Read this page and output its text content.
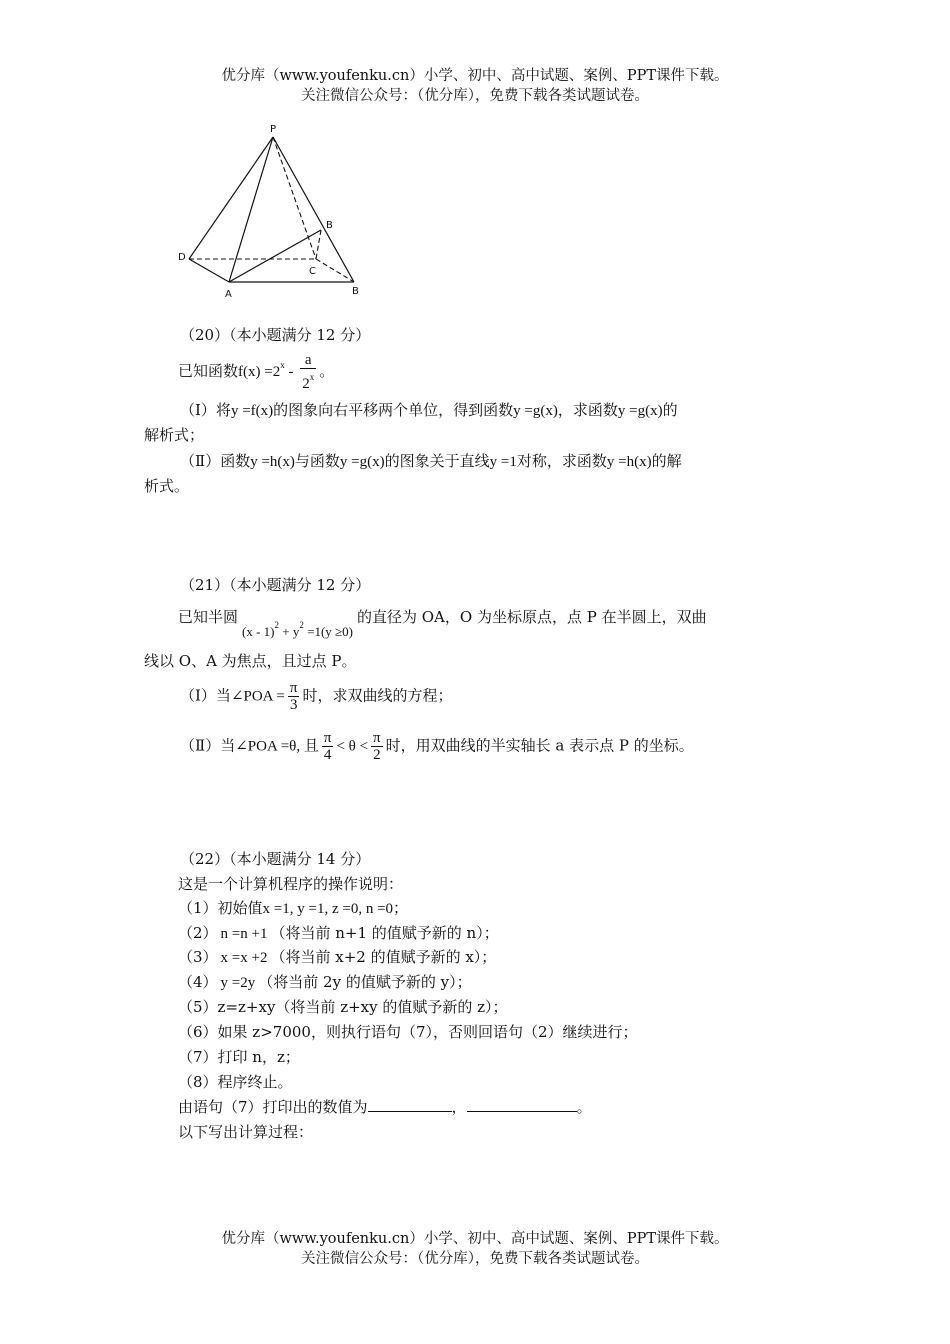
优分库（www.youfenku.cn）小学、初中、高中试题、案例、PPT课件下载。
关注微信公众号：（优分库），免费下载各类试题试卷。
P
B
D
C
A	B
（20）（本小题满分 12 分）
已知函数$f(x) =2^x - \frac{a}{2^x}$ 。
（Ⅰ）将y =f(x)的图象向右平移两个单位，得到函数y =g(x)，求函数y =g(x)的
解析式；
（Ⅱ）函数y =h(x)与函数y =g(x)的图象关于直线y =1对称，求函数y =h(x)的解
析式。
（21）（本小题满分 12 分）
已知半圆$(x - 1)^2 + y^2 =1(y \ge 0)$的直径为 OA，O 为坐标原点，点 P 在半圆上，双曲
线以 O、A 为焦点，且过点 P。
（Ⅰ）当∠POA = $\frac{\pi}{3}$ 时，求双曲线的方程；
（Ⅱ）当∠POA =θ, 且 $\frac{\pi}{4} < \theta < \frac{\pi}{2}$ 时，用双曲线的半实轴长 a 表示点 P 的坐标。
（22）（本小题满分 14 分）
这是一个计算机程序的操作说明：
（1）初始值x =1, y =1, z =0, n =0；
（2） n =n +1 （将当前 n+1 的值赋予新的 n）；
（3） x =x +2 （将当前 x+2 的值赋予新的 x）；
（4） y =2y （将当前 2y 的值赋予新的 y）；
（5）z=z+xy（将当前 z+xy 的值赋予新的 z）；
（6）如果 z>7000，则执行语句（7），否则回语句（2）继续进行；
（7）打印 n，z；
（8）程序终止。
由语句（7）打印出的数值为	，	。
以下写出计算过程：
优分库（www.youfenku.cn）小学、初中、高中试题、案例、PPT课件下载。
关注微信公众号：（优分库），免费下载各类试题试卷。
